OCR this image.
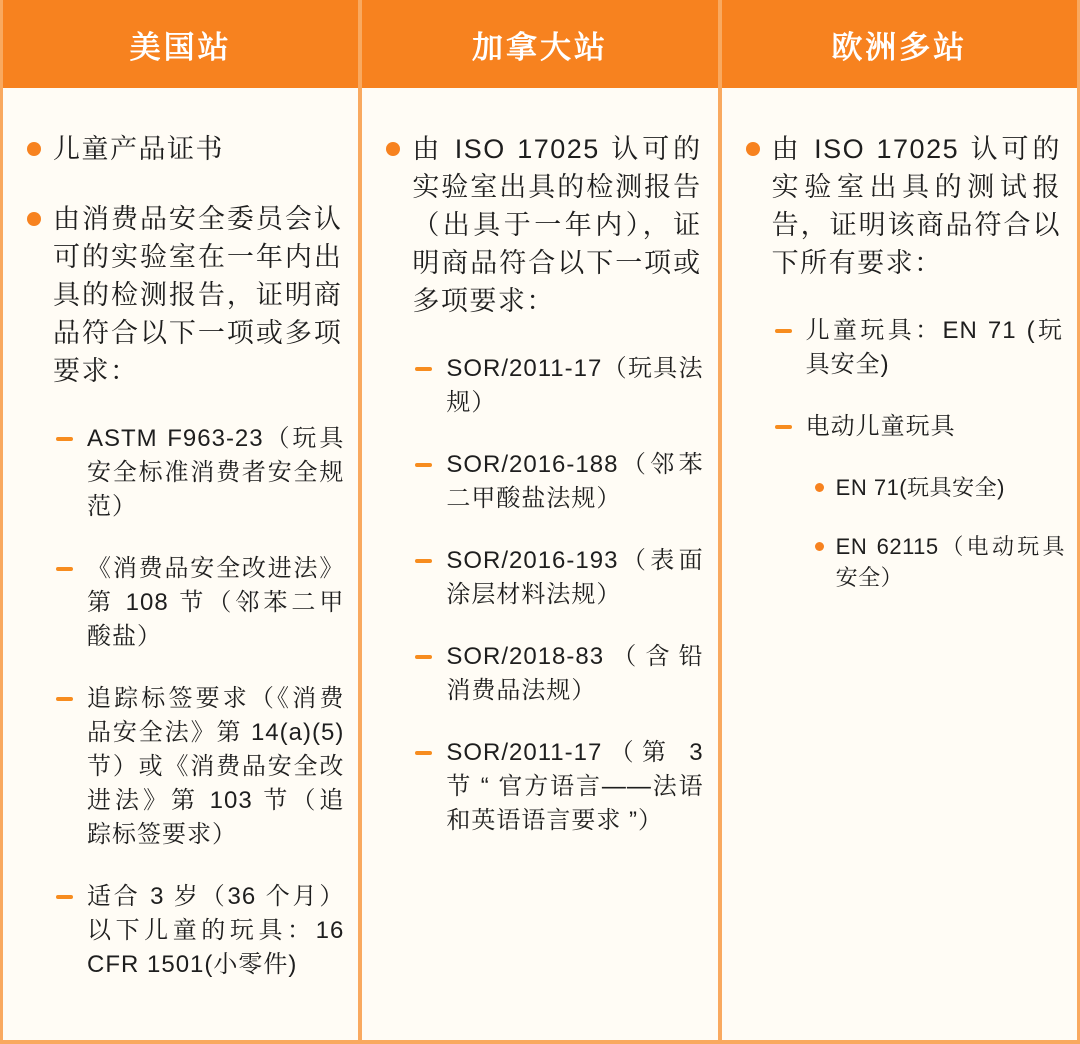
美国站
儿童产品证书
由消费品安全委员会认可的实验室在一年内出具的检测报告，证明商品符合以下一项或多项要求：
ASTM F963-23（玩具安全标准消费者安全规范）
《消费品安全改进法》第 108 节（邻苯二甲酸盐）
追踪标签要求（《消费品安全法》第 14(a)(5) 节）或《消费品安全改进法》第 103 节（追踪标签要求）
适合 3 岁（36 个月）以下儿童的玩具：16 CFR 1501(小零件)
加拿大站
由 ISO 17025 认可的实验室出具的检测报告（出具于一年内），证明商品符合以下一项或多项要求：
SOR/2011-17（玩具法规）
SOR/2016-188（邻苯二甲酸盐法规）
SOR/2016-193（表面涂层材料法规）
SOR/2018-83（含铅消费品法规）
SOR/2011-17（第 3 节 “ 官方语言——法语和英语语言要求 ”）
欧洲多站
由 ISO 17025 认可的实验室出具的测试报告，证明该商品符合以下所有要求：
儿童玩具：EN 71 (玩具安全)
电动儿童玩具
EN 71(玩具安全)
EN 62115（电动玩具安全）
